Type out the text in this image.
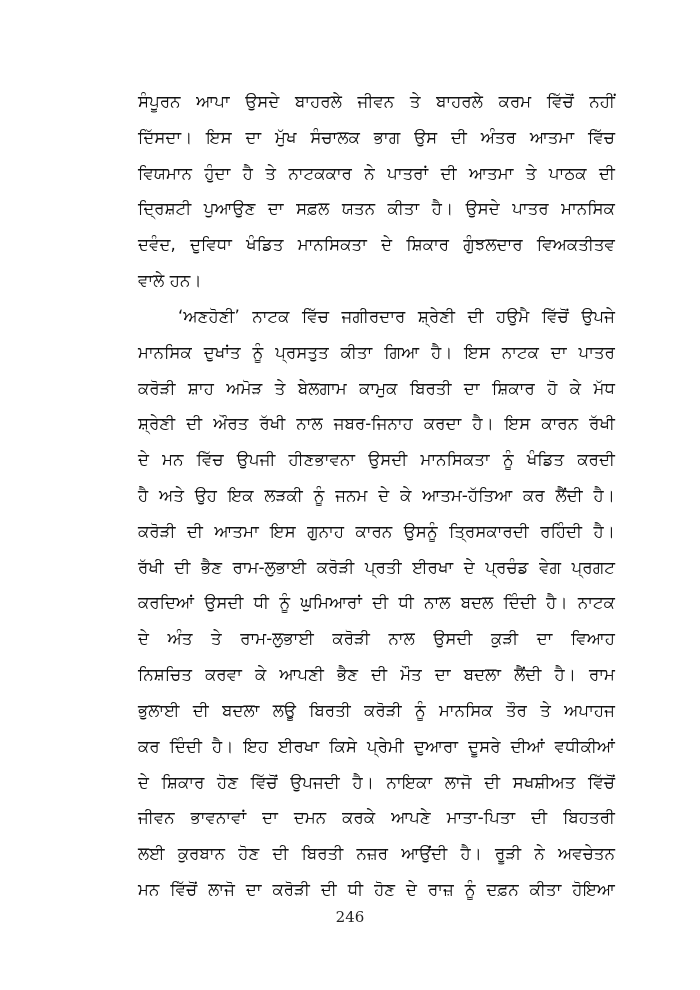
ਸੰਪੂਰਨ ਆਪਾ ਉਸਦੇ ਬਾਹਰਲੇ ਜੀਵਨ ਤੇ ਬਾਹਰਲੇ ਕਰਮ ਵਿੱਚੋਂ ਨਹੀਂ
ਦਿੱਸਦਾ। ਇਸ ਦਾ ਮੁੱਖ ਸੰਚਾਲਕ ਭਾਗ ਉਸ ਦੀ ਅੰਤਰ ਆਤਮਾ ਵਿੱਚ
ਵਿਯਮਾਨ ਹੁੰਦਾ ਹੈ ਤੇ ਨਾਟਕਕਾਰ ਨੇ ਪਾਤਰਾਂ ਦੀ ਆਤਮਾ ਤੇ ਪਾਠਕ ਦੀ
ਦ੍ਰਿਸ਼ਟੀ ਪੁਆਉਣ ਦਾ ਸਫ਼ਲ ਯਤਨ ਕੀਤਾ ਹੈ। ਉਸਦੇ ਪਾਤਰ ਮਾਨਸਿਕ
ਦਵੰਦ, ਦੁਵਿਧਾ ਖੰਡਿਤ ਮਾਨਸਿਕਤਾ ਦੇ ਸ਼ਿਕਾਰ ਗੁੰਝਲਦਾਰ ਵਿਅਕਤੀਤਵ
ਵਾਲੇ ਹਨ।
‘ਅਣਹੋਣੀ’ ਨਾਟਕ ਵਿੱਚ ਜਗੀਰਦਾਰ ਸ਼੍ਰੇਣੀ ਦੀ ਹਉਮੈ ਵਿੱਚੋਂ ਉਪਜੇ
ਮਾਨਸਿਕ ਦੁਖਾਂਤ ਨੂੰ ਪ੍ਰਸਤੁਤ ਕੀਤਾ ਗਿਆ ਹੈ। ਇਸ ਨਾਟਕ ਦਾ ਪਾਤਰ
ਕਰੋੜੀ ਸ਼ਾਹ ਅਮੋੜ ਤੇ ਬੇਲਗਾਮ ਕਾਮੁਕ ਬਿਰਤੀ ਦਾ ਸ਼ਿਕਾਰ ਹੋ ਕੇ ਮੱਧ
ਸ਼੍ਰੇਣੀ ਦੀ ਔਰਤ ਰੱਖੀ ਨਾਲ ਜਬਰ-ਜਿਨਾਹ ਕਰਦਾ ਹੈ। ਇਸ ਕਾਰਨ ਰੱਖੀ
ਦੇ ਮਨ ਵਿੱਚ ਉਪਜੀ ਹੀਣਭਾਵਨਾ ਉਸਦੀ ਮਾਨਸਿਕਤਾ ਨੂੰ ਖੰਡਿਤ ਕਰਦੀ
ਹੈ ਅਤੇ ਉਹ ਇਕ ਲੜਕੀ ਨੂੰ ਜਨਮ ਦੇ ਕੇ ਆਤਮ-ਹੱਤਿਆ ਕਰ ਲੈਂਦੀ ਹੈ।
ਕਰੋੜੀ ਦੀ ਆਤਮਾ ਇਸ ਗੁਨਾਹ ਕਾਰਨ ਉਸਨੂੰ ਤ੍ਰਿਸਕਾਰਦੀ ਰਹਿੰਦੀ ਹੈ।
ਰੱਖੀ ਦੀ ਭੈਣ ਰਾਮ-ਲੁਭਾਈ ਕਰੋੜੀ ਪ੍ਰਤੀ ਈਰਖਾ ਦੇ ਪ੍ਰਚੰਡ ਵੇਗ ਪ੍ਰਗਟ
ਕਰਦਿਆਂ ਉਸਦੀ ਧੀ ਨੂੰ ਘੁਮਿਆਰਾਂ ਦੀ ਧੀ ਨਾਲ ਬਦਲ ਦਿੰਦੀ ਹੈ। ਨਾਟਕ
ਦੇ ਅੰਤ ਤੇ ਰਾਮ-ਲੁਭਾਈ ਕਰੋੜੀ ਨਾਲ ਉਸਦੀ ਕੁੜੀ ਦਾ ਵਿਆਹ
ਨਿਸ਼ਚਿਤ ਕਰਵਾ ਕੇ ਆਪਣੀ ਭੈਣ ਦੀ ਮੌਤ ਦਾ ਬਦਲਾ ਲੈਂਦੀ ਹੈ। ਰਾਮ
ਭੁਲਾਈ ਦੀ ਬਦਲਾ ਲਊ ਬਿਰਤੀ ਕਰੋੜੀ ਨੂੰ ਮਾਨਸਿਕ ਤੌਰ ਤੇ ਅਪਾਹਜ
ਕਰ ਦਿੰਦੀ ਹੈ। ਇਹ ਈਰਖਾ ਕਿਸੇ ਪ੍ਰੇਮੀ ਦੁਆਰਾ ਦੂਸਰੇ ਦੀਆਂ ਵਧੀਕੀਆਂ
ਦੇ ਸ਼ਿਕਾਰ ਹੋਣ ਵਿੱਚੋਂ ਉਪਜਦੀ ਹੈ। ਨਾਇਕਾ ਲਾਜੋ ਦੀ ਸਖਸ਼ੀਅਤ ਵਿੱਚੋਂ
ਜੀਵਨ ਭਾਵਨਾਵਾਂ ਦਾ ਦਮਨ ਕਰਕੇ ਆਪਣੇ ਮਾਤਾ-ਪਿਤਾ ਦੀ ਬਿਹਤਰੀ
ਲਈ ਕੁਰਬਾਨ ਹੋਣ ਦੀ ਬਿਰਤੀ ਨਜ਼ਰ ਆਉਂਦੀ ਹੈ। ਰੂੜੀ ਨੇ ਅਵਚੇਤਨ
ਮਨ ਵਿੱਚੋਂ ਲਾਜੋ ਦਾ ਕਰੋੜੀ ਦੀ ਧੀ ਹੋਣ ਦੇ ਰਾਜ਼ ਨੂੰ ਦਫ਼ਨ ਕੀਤਾ ਹੋਇਆ
246
